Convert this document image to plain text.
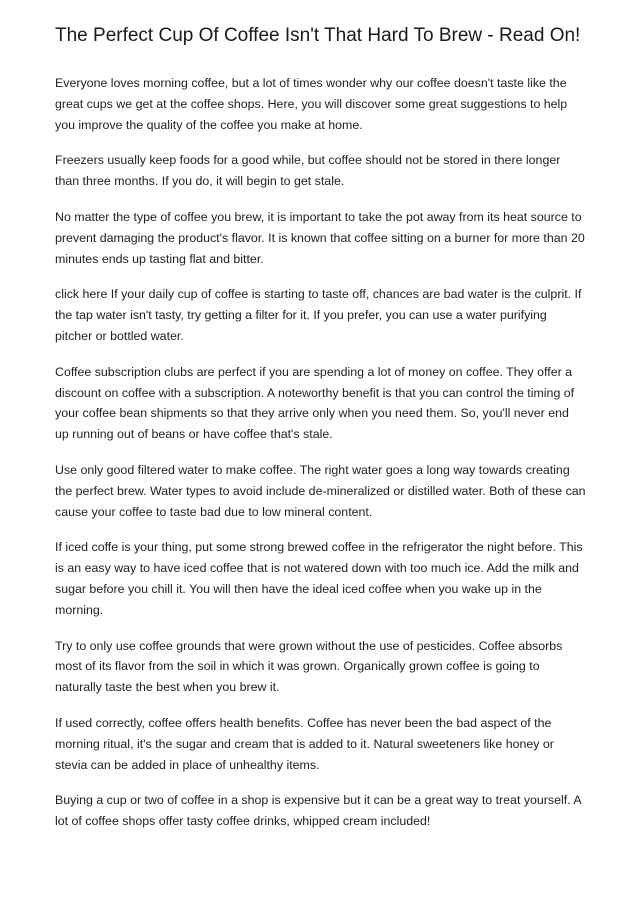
The Perfect Cup Of Coffee Isn't That Hard To Brew - Read On!

Everyone loves morning coffee, but a lot of times wonder why our coffee doesn't taste like the great cups we get at the coffee shops. Here, you will discover some great suggestions to help you improve the quality of the coffee you make at home.

Freezers usually keep foods for a good while, but coffee should not be stored in there longer than three months. If you do, it will begin to get stale.

No matter the type of coffee you brew, it is important to take the pot away from its heat source to prevent damaging the product's flavor. It is known that coffee sitting on a burner for more than 20 minutes ends up tasting flat and bitter.

click here If your daily cup of coffee is starting to taste off, chances are bad water is the culprit. If the tap water isn't tasty, try getting a filter for it. If you prefer, you can use a water purifying pitcher or bottled water.

Coffee subscription clubs are perfect if you are spending a lot of money on coffee. They offer a discount on coffee with a subscription. A noteworthy benefit is that you can control the timing of your coffee bean shipments so that they arrive only when you need them. So, you'll never end up running out of beans or have coffee that's stale.

Use only good filtered water to make coffee. The right water goes a long way towards creating the perfect brew. Water types to avoid include de-mineralized or distilled water. Both of these can cause your coffee to taste bad due to low mineral content.

If iced coffe is your thing, put some strong brewed coffee in the refrigerator the night before. This is an easy way to have iced coffee that is not watered down with too much ice. Add the milk and sugar before you chill it. You will then have the ideal iced coffee when you wake up in the morning.

Try to only use coffee grounds that were grown without the use of pesticides. Coffee absorbs most of its flavor from the soil in which it was grown. Organically grown coffee is going to naturally taste the best when you brew it.

If used correctly, coffee offers health benefits. Coffee has never been the bad aspect of the morning ritual, it's the sugar and cream that is added to it. Natural sweeteners like honey or stevia can be added in place of unhealthy items.

Buying a cup or two of coffee in a shop is expensive but it can be a great way to treat yourself. A lot of coffee shops offer tasty coffee drinks, whipped cream included!
